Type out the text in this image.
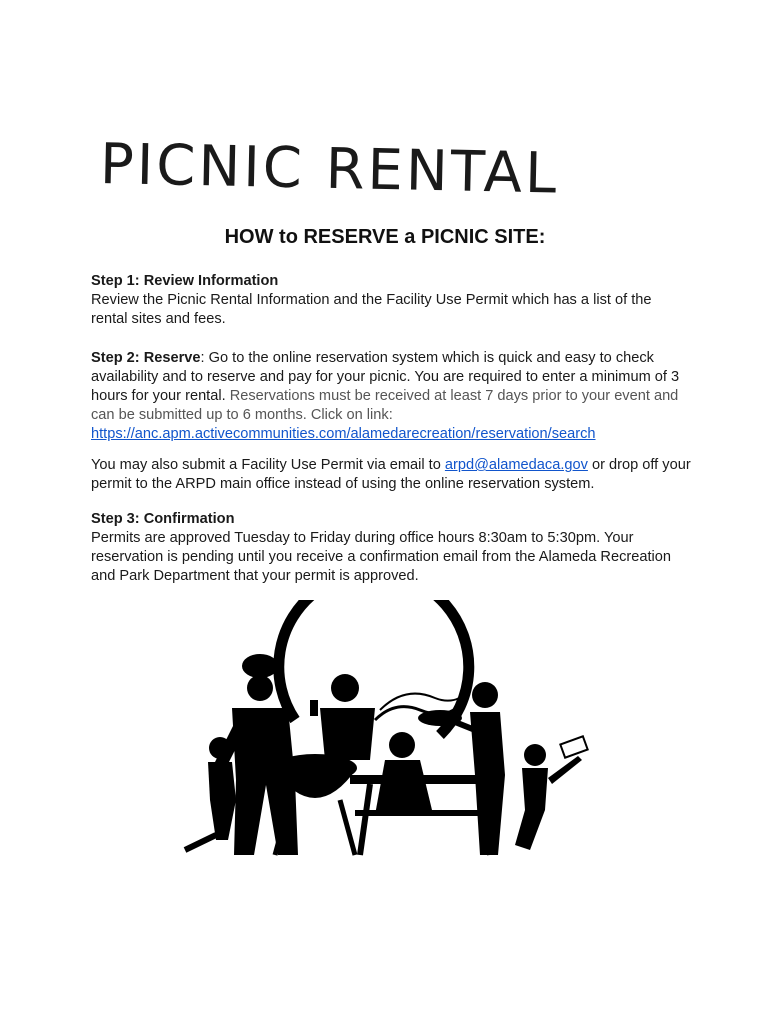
PICNIC RENTAL
HOW to RESERVE a PICNIC SITE:
Step 1: Review Information
Review the Picnic Rental Information and the Facility Use Permit which has a list of the rental sites and fees.
Step 2: Reserve: Go to the online reservation system which is quick and easy to check availability and to reserve and pay for your picnic. You are required to enter a minimum of 3 hours for your rental. Reservations must be received at least 7 days prior to your event and can be submitted up to 6 months. Click on link:
https://anc.apm.activecommunities.com/alamedarecreation/reservation/search
You may also submit a Facility Use Permit via email to arpd@alamedaca.gov or drop off your permit to the ARPD main office instead of using the online reservation system.
Step 3: Confirmation
Permits are approved Tuesday to Friday during office hours 8:30am to 5:30pm. Your reservation is pending until you receive a confirmation email from the Alameda Recreation and Park Department that your permit is approved.
